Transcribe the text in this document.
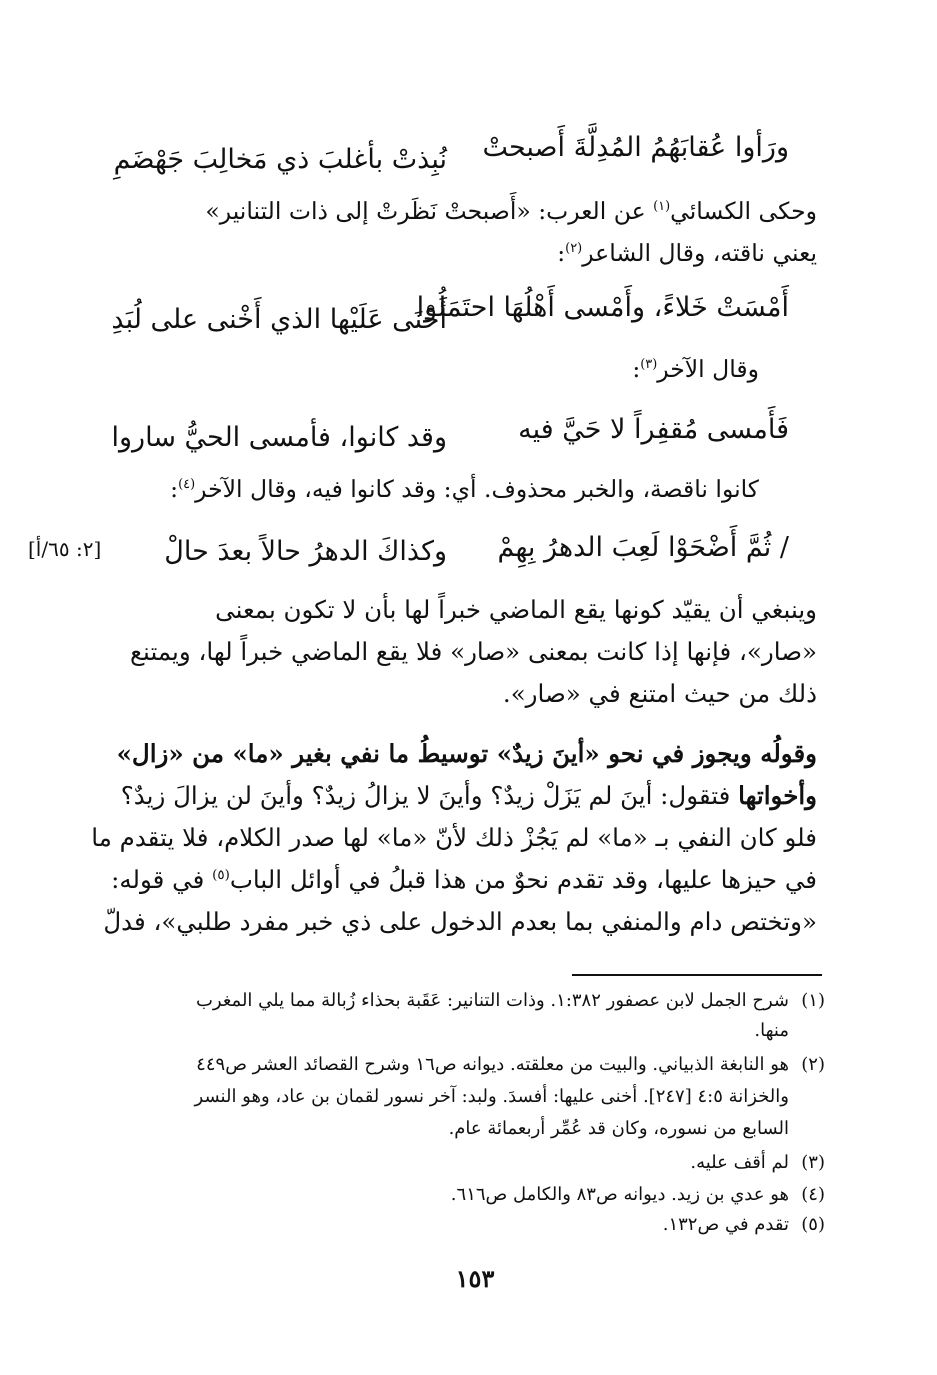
ورَأوا عُقابَهُمُ المُدِلَّةَ أَصبحتْ
نُبِذتْ بأغلبَ ذي مَخالِبَ جَهْضَمِ
وحكى الكسائي$^{(١)}$ عن العرب: «أَصبحتْ نَظَرتْ إلى ذات التنانير»
يعني ناقته، وقال الشاعر$^{(٢)}$:
أَمْسَتْ خَلاءً، وأَمْسى أَهْلُهَا احتَمَلُوا
أَخْنَى عَلَيْها الذي أَخْنى على لُبَدِ
وقال الآخر$^{(٣)}$:
فَأَمسى مُقفِراً لا حَيَّ فيه
وقد كانوا، فأمسى الحيُّ ساروا
كانوا ناقصة، والخبر محذوف. أي: وقد كانوا فيه، وقال الآخر$^{(٤)}$:
/ ثُمَّ أَضْحَوْا لَعِبَ الدهرُ بِهِمْ
وكذاكَ الدهرُ حالاً بعدَ حالْ
[٢: ٦٥/أ]
وينبغي أن يقيّد كونها يقع الماضي خبراً لها بأن لا تكون بمعنى
«صار»، فإنها إذا كانت بمعنى «صار» فلا يقع الماضي خبراً لها، ويمتنع
ذلك من حيث امتنع في «صار».
وقولُه ويجوز في نحو «أينَ زيدٌ» توسيطُ ما نفي بغير «ما» من «زال»
وأخواتها فتقول: أينَ لم يَزَلْ زيدٌ؟ وأينَ لا يزالُ زيدٌ؟ وأينَ لن يزالَ زيدٌ؟
فلو كان النفي بـ «ما» لم يَجُزْ ذلك لأنّ «ما» لها صدر الكلام، فلا يتقدم ما
في حيزها عليها، وقد تقدم نحوٌ من هذا قبلُ في أوائل الباب$^{(٥)}$ في قوله:
«وتختص دام والمنفي بما بعدم الدخول على ذي خبر مفرد طلبي»، فدلّ
(١)
شرح الجمل لابن عصفور ١:٣٨٢. وذات التنانير: عَقَبة بحذاء زُبالة مما يلي المغرب
منها.
(٢)
هو النابغة الذبياني. والبيت من معلقته. ديوانه ص١٦ وشرح القصائد العشر ص٤٤٩
والخزانة ٤:٥ [٢٤٧]. أخنى عليها: أفسدَ. ولبد: آخر نسور لقمان بن عاد، وهو النسر
السابع من نسوره، وكان قد عُمِّر أربعمائة عام.
(٣)
لم أقف عليه.
(٤)
هو عدي بن زيد. ديوانه ص٨٣ والكامل ص٦١٦.
(٥)
تقدم في ص١٣٢.
١٥٣
